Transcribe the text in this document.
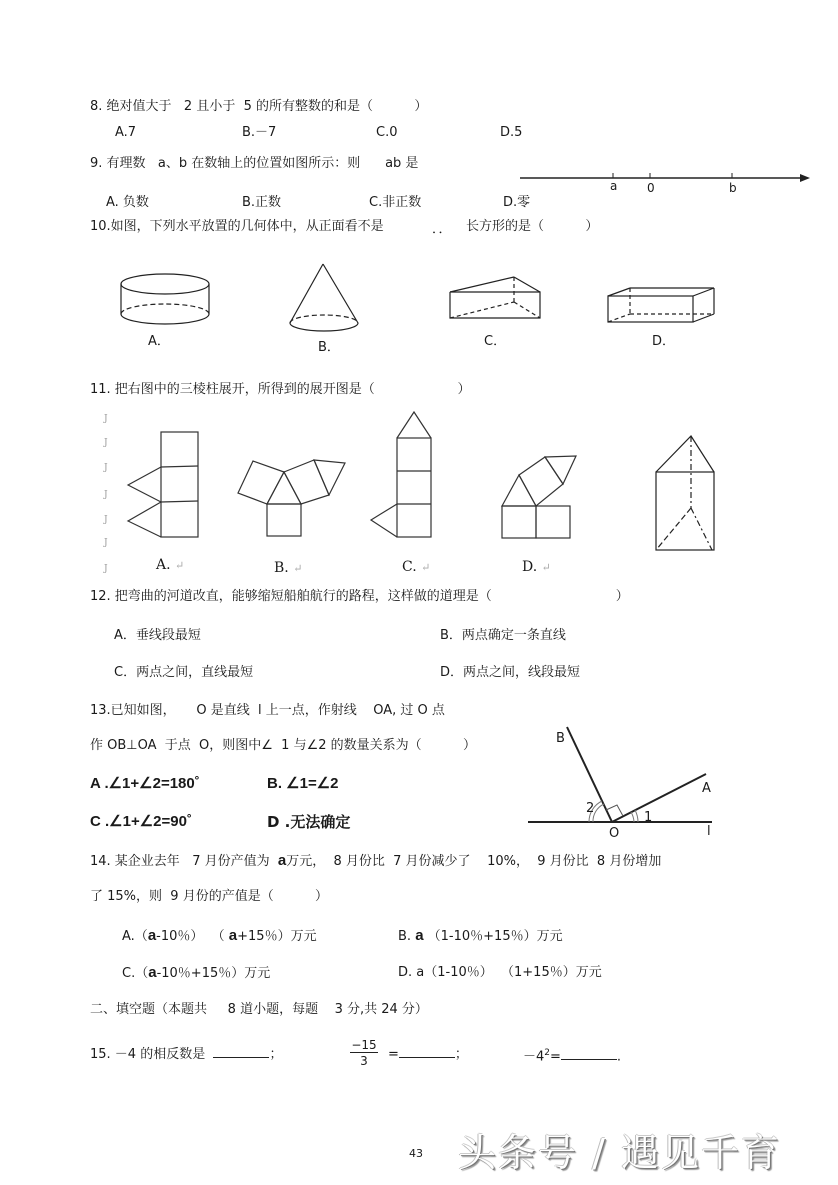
8. 绝对值大于   2 且小于  5 的所有整数的和是（          ）
A.7	B.－7	C.0	D.5
9. 有理数   a、b 在数轴上的位置如图所示：则      ab 是
a 0	b
A. 负数	B.正数	C.非正数	D.零
10.如图，下列水平放置的几何体中，从正面看不是	．． 长方形的是（          ）
A．	B．	C．	D．
11. 把右图中的三棱柱展开，所得到的展开图是（                    ）
J
J
J
J
J
J
J	A. ↵	B. ↵	C. ↵	D. ↵
12. 把弯曲的河道改直，能够缩短船舶航行的路程，这样做的道理是（                              ）
A．垂线段最短	B．两点确定一条直线
C．两点之间，直线最短	D．两点之间，线段最短
13.已知如图，     O 是直线  l 上一点，作射线    OA, 过 O 点
作 OB⊥OA  于点  O，则图中∠  1 与∠2 的数量关系为（          ）
A .∠1+∠2=180˚	B. ∠1=∠2
C .∠1+∠2=90˚	D .无法确定
B
A
O	l
1
2
14. 某企业去年   7 月份产值为  a万元，  8 月份比  7 月份减少了    10%，  9 月份比  8 月份增加
了 15%，则  9 月份的产值是（          ）
A.（a-10％）  （ a+15％）万元	B. a （1-10％+15％）万元
C.（a-10％+15％）万元	D. a（1-10％）  （1+15％）万元
二、填空题（本题共     8 道小题，每题    3 分,共 24 分）
15. －4 的相反数是	；	$\frac{-15}{3}$ =	；	$-4^2=$	.
43 头条号 / 遇见千育
